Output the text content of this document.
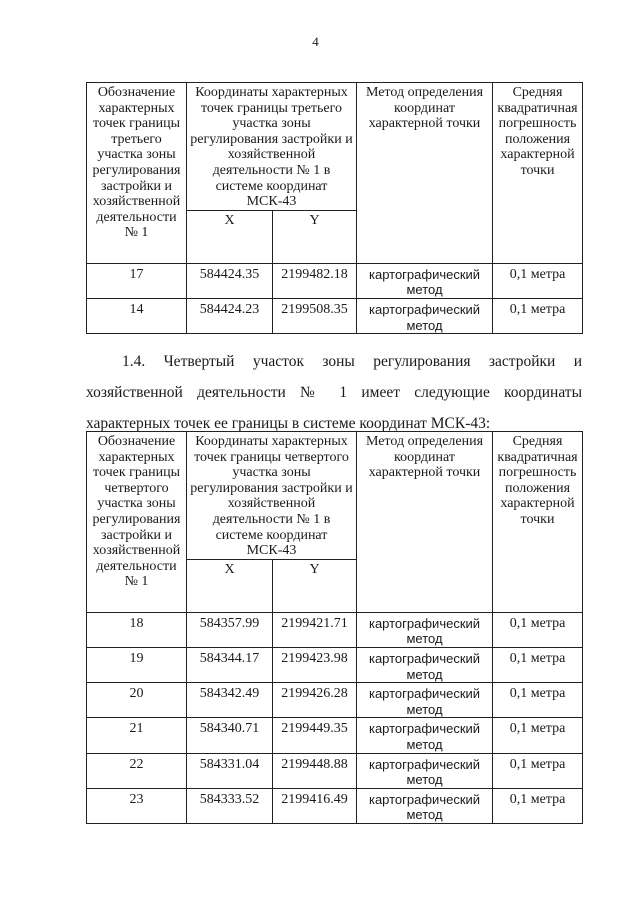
4
Обозначение характерных точек границы третьего участка зоны регулирования застройки и хозяйственной деятельности № 1	Координаты характерных точек границы третьего участка зоны регулирования застройки и хозяйственной деятельности № 1 в системе координат МСК-43		Метод определения координат характерной точки	Средняя квадратичная погрешность положения характерной точки
	X	Y		
17	584424.35	2199482.18	картографический метод	0,1 метра
14	584424.23	2199508.35	картографический метод	0,1 метра
1.4. Четвертый участок зоны регулирования застройки и хозяйственной деятельности № 1 имеет следующие координаты характерных точек ее границы в системе координат МСК-43:
Обозначение характерных точек границы четвертого участка зоны регулирования застройки и хозяйственной деятельности № 1	Координаты характерных точек границы четвертого участка зоны регулирования застройки и хозяйственной деятельности № 1 в системе координат МСК-43		Метод определения координат характерной точки	Средняя квадратичная погрешность положения характерной точки
	X	Y		
18	584357.99	2199421.71	картографический метод	0,1 метра
19	584344.17	2199423.98	картографический метод	0,1 метра
20	584342.49	2199426.28	картографический метод	0,1 метра
21	584340.71	2199449.35	картографический метод	0,1 метра
22	584331.04	2199448.88	картографический метод	0,1 метра
23	584333.52	2199416.49	картографический метод	0,1 метра
